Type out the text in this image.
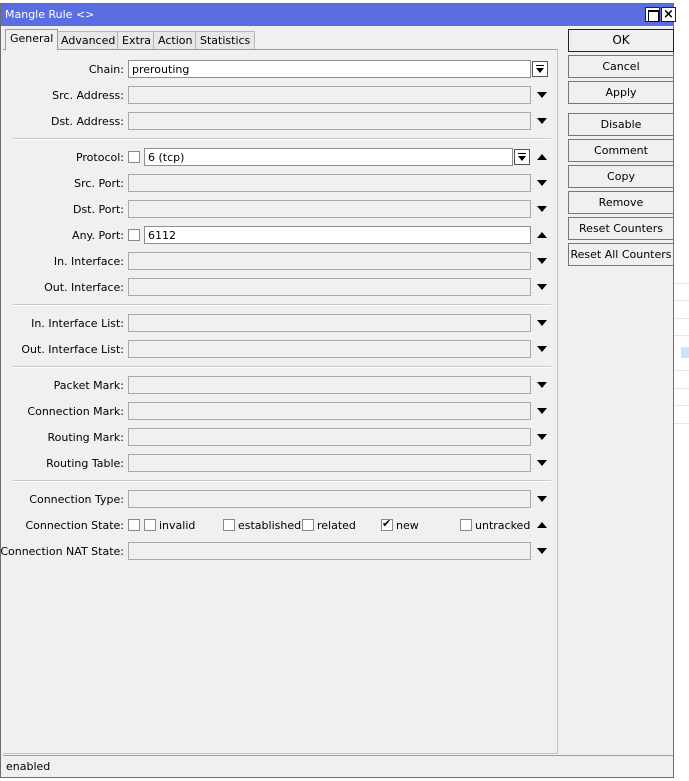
Mangle Rule <>	×
General Advanced Extra Action Statistics
Chain: prerouting
Src. Address:
Dst. Address:
Protocol:	6 (tcp)
Src. Port:
Dst. Port:
Any. Port:	6112
In. Interface:
Out. Interface:
In. Interface List:
Out. Interface List:
Packet Mark:
Connection Mark:
Routing Mark:
Routing Table:
Connection Type:
Connection State:	invalid	established related
✔	new	untracked
Connection NAT State:
OK
Cancel
Apply
Disable
Comment
Copy
Remove
Reset Counters
Reset All Counters
enabled
